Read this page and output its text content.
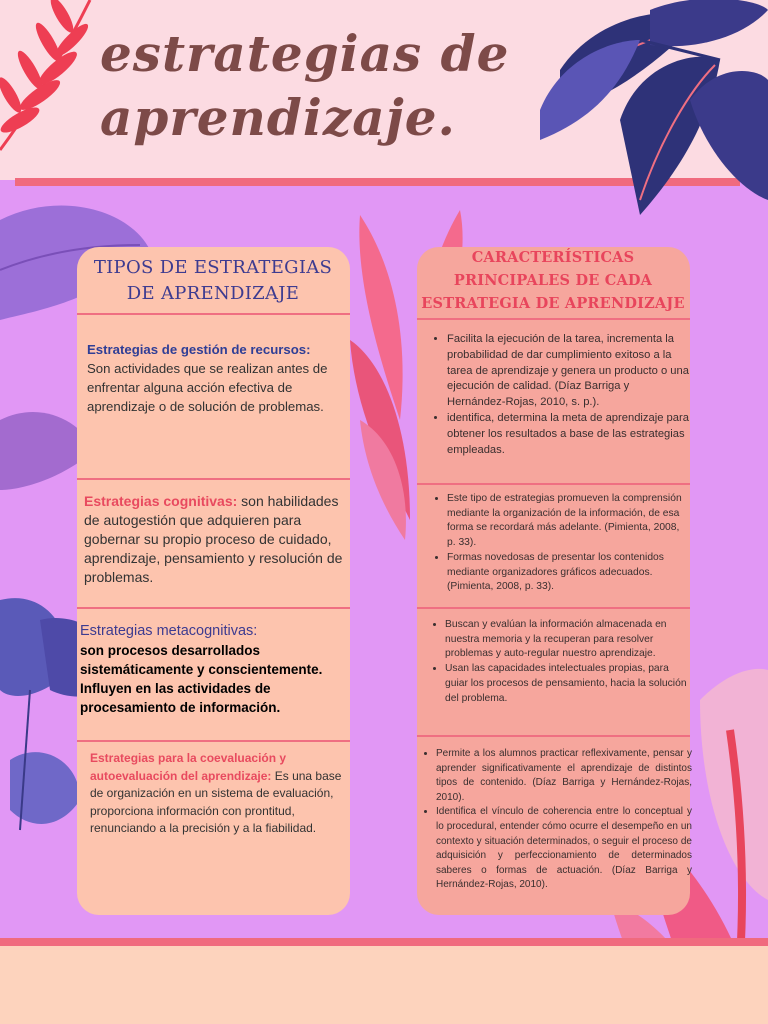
estrategias de
aprendizaje.
TIPOS DE ESTRATEGIAS DE APRENDIZAJE
CARACTERÍSTICAS PRINCIPALES DE CADA ESTRATEGIA DE APRENDIZAJE
Estrategias de gestión de recursos:
Son actividades que se realizan antes de enfrentar alguna acción efectiva de aprendizaje o de solución de problemas.
Estrategias cognitivas: son habilidades de autogestión que adquieren para gobernar su propio proceso de cuidado, aprendizaje, pensamiento y resolución de problemas.
Estrategias metacognitivas:
son procesos desarrollados sistemáticamente y conscientemente. Influyen en las actividades de procesamiento de información.
Estrategias para la coevaluación y autoevaluación del aprendizaje: Es una base de organización en un sistema de evaluación, proporciona información con prontitud, renunciando a la precisión y a la fiabilidad.
• Facilita la ejecución de la tarea, incrementa la probabilidad de dar cumplimiento exitoso a la tarea de aprendizaje y genera un producto o una ejecución de calidad. (Díaz Barriga y Hernández-Rojas, 2010, s. p.).
• identifica, determina la meta de aprendizaje para obtener los resultados a base de las estrategias empleadas.
• Este tipo de estrategias promueven la comprensión mediante la organización de la información, de esa forma se recordará más adelante. (Pimienta, 2008, p. 33).
• Formas novedosas de presentar los contenidos mediante organizadores gráficos adecuados.(Pimienta, 2008, p. 33).
• Buscan y evalúan la información almacenada en nuestra memoria y la recuperan para resolver problemas y auto-regular nuestro aprendizaje.
• Usan las capacidades intelectuales propias, para guiar los procesos de pensamiento, hacia la solución del problema.
• Permite a los alumnos practicar reflexivamente, pensar y aprender significativamente el aprendizaje de distintos tipos de contenido. (Díaz Barriga y Hernández-Rojas, 2010).
• Identifica el vínculo de coherencia entre lo conceptual y lo procedural, entender cómo ocurre el desempeño en un contexto y situación determinados, o seguir el proceso de adquisición y perfeccionamiento de determinados saberes o formas de actuación. (Díaz Barriga y Hernández-Rojas, 2010).
